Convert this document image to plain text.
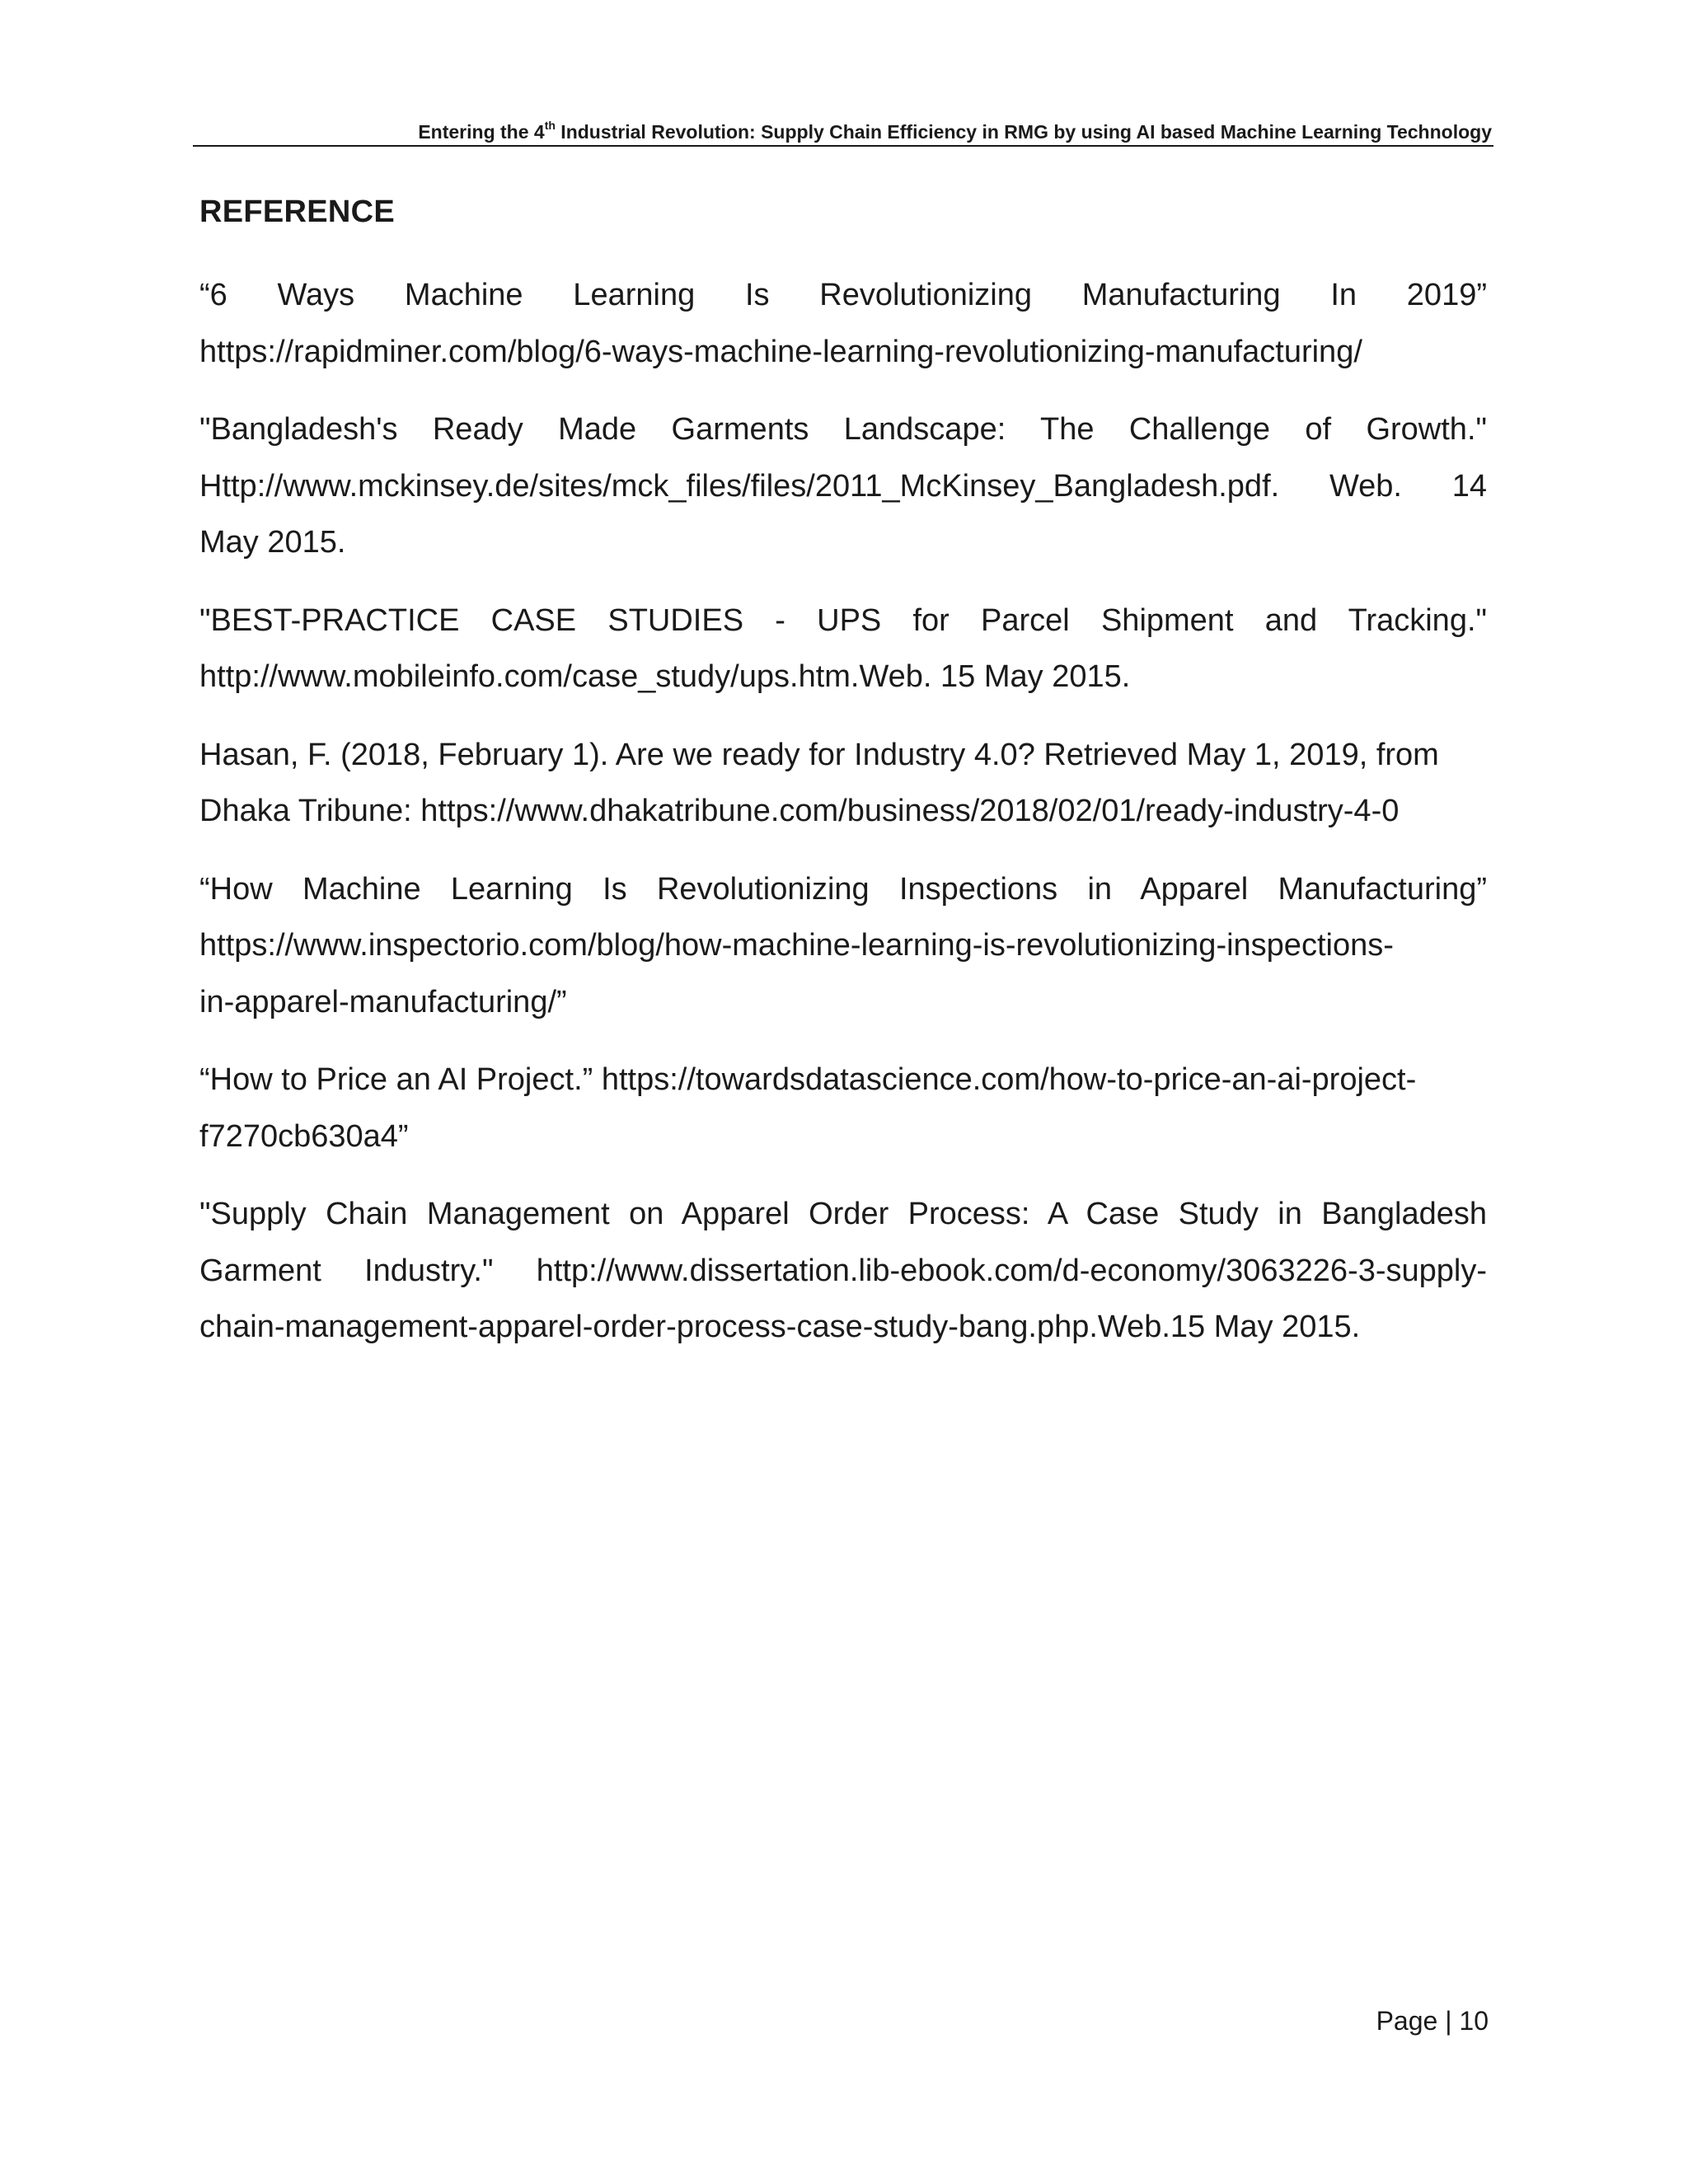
Entering the 4th Industrial Revolution: Supply Chain Efficiency in RMG by using AI based Machine Learning Technology
REFERENCE
“6 Ways Machine Learning Is Revolutionizing Manufacturing In 2019”
https://rapidminer.com/blog/6-ways-machine-learning-revolutionizing-manufacturing/
"Bangladesh's Ready Made Garments Landscape: The Challenge of Growth."
Http://www.mckinsey.de/sites/mck_files/files/2011_McKinsey_Bangladesh.pdf. Web. 14
May 2015.
"BEST-PRACTICE CASE STUDIES - UPS for Parcel Shipment and Tracking."
http://www.mobileinfo.com/case_study/ups.htm.Web. 15 May 2015.
Hasan, F. (2018, February 1). Are we ready for Industry 4.0? Retrieved May 1, 2019, from
Dhaka Tribune: https://www.dhakatribune.com/business/2018/02/01/ready-industry-4-0
“How Machine Learning Is Revolutionizing Inspections in Apparel Manufacturing”
https://www.inspectorio.com/blog/how-machine-learning-is-revolutionizing-inspections-
in-apparel-manufacturing/”
“How to Price an AI Project.” https://towardsdatascience.com/how-to-price-an-ai-project-
f7270cb630a4”
"Supply Chain Management on Apparel Order Process: A Case Study in Bangladesh
Garment Industry." http://www.dissertation.lib-ebook.com/d-economy/3063226-3-supply-
chain-management-apparel-order-process-case-study-bang.php.Web.15 May 2015.
Page | 10
